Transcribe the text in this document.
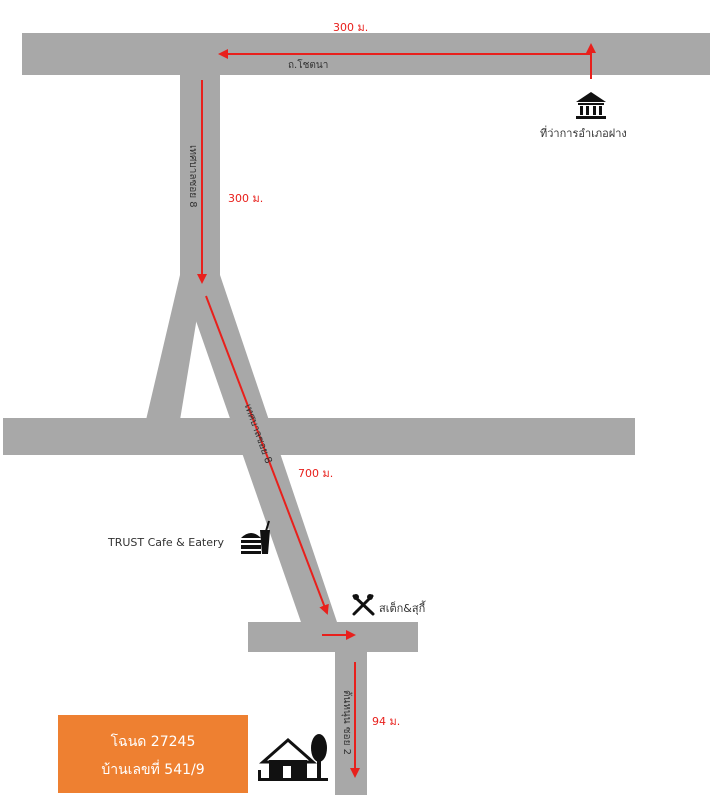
300 ม.
300 ม.
700 ม.
94 ม.
ถ.โชตนา
เทศบาลซอย 8
เทศบาลซอย 8
ต้นหนุน ซอย 2
ที่ว่าการอำเภอฝาง
TRUST Cafe & Eatery
สเต็ก&สุกี้
โฉนด 27245
บ้านเลขที่ 541/9
